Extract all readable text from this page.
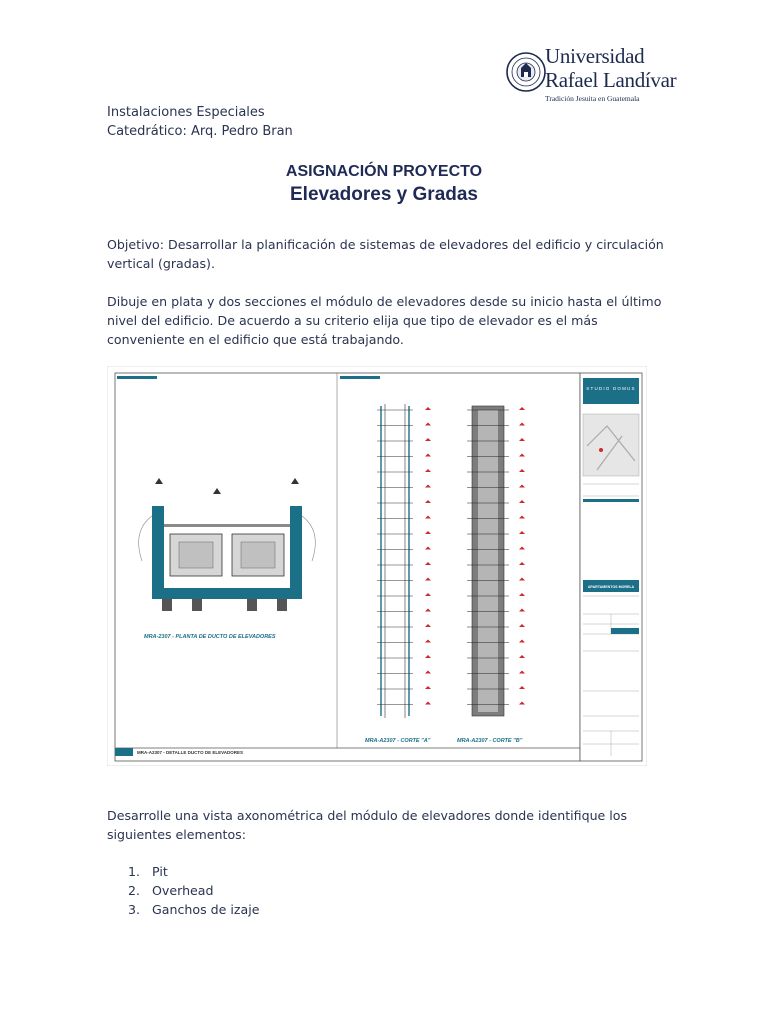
Universidad
Rafael Landívar
Tradición Jesuita en Guatemala
Instalaciones Especiales
Catedrático: Arq. Pedro Bran
ASIGNACIÓN PROYECTO
Elevadores y Gradas
Objetivo: Desarrollar la planificación de sistemas de elevadores del edificio y circulación vertical (gradas).
Dibuje en plata y dos secciones el módulo de elevadores desde su inicio hasta el último nivel del edificio. De acuerdo a su criterio elija que tipo de elevador es el más conveniente en el edificio que está trabajando.
MRA-2307 - PLANTA DE DUCTO DE ELEVADORES
MRA-A2307 - CORTE "A"	MRA-A2307 - CORTE "B"
MRA-A2307 - DETALLE DUCTO DE ELEVADORES
STUDIO DOMUS
APARTAMENTOS MORELA
Desarrolle una vista axonométrica del módulo de elevadores donde identifique los siguientes elementos:
1. Pit
2. Overhead
3. Ganchos de izaje
